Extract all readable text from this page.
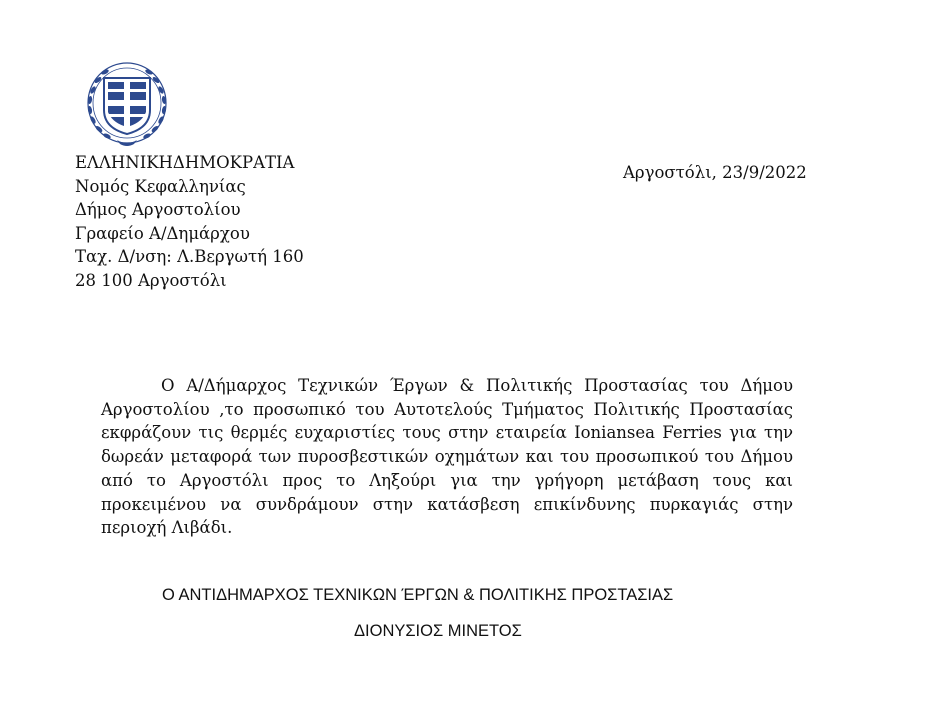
ΕΛΛΗΝΙΚΗΔΗΜΟΚΡΑΤΙΑ
Νομός Κεφαλληνίας
Δήμος Αργοστολίου
Γραφείο Α/Δημάρχου
Ταχ. Δ/νση: Λ.Βεργωτή 160
28 100 Αργοστόλι
Αργοστόλι, 23/9/2022

Ο Α/Δήμαρχος Τεχνικών Έργων & Πολιτικής Προστασίας του Δήμου Αργοστολίου ,το προσωπικό του Αυτοτελούς Τμήματος Πολιτικής Προστασίας εκφράζουν τις θερμές ευχαριστίες τους στην εταιρεία Ioniansea Ferries για την δωρεάν μεταφορά των πυροσβεστικών οχημάτων και του προσωπικού του Δήμου από το Αργοστόλι προς το Ληξούρι για την γρήγορη μετάβαση τους και προκειμένου να συνδράμουν στην κατάσβεση επικίνδυνης πυρκαγιάς στην περιοχή Λιβάδι.

Ο ΑΝΤΙΔΗΜΑΡΧΟΣ ΤΕΧΝΙΚΩΝ ΈΡΓΩΝ & ΠΟΛΙΤΙΚΗΣ ΠΡΟΣΤΑΣΙΑΣ
ΔΙΟΝΥΣΙΟΣ ΜΙΝΕΤΟΣ
